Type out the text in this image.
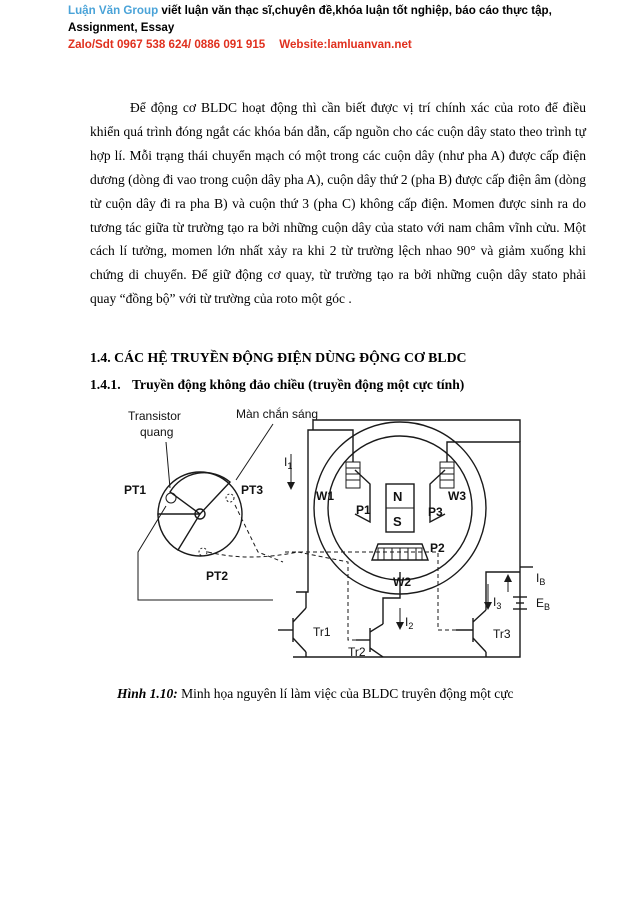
Luận Văn Group viết luận văn thạc sĩ,chuyên đề,khóa luận tốt nghiệp, báo cáo thực tập,
Assignment, Essay
Zalo/Sdt 0967 538 624/ 0886 091 915 Website:lamluanvan.net

Để động cơ BLDC hoạt động thì cần biết được vị trí chính xác của roto để điều khiển quá trình đóng ngắt các khóa bán dẫn, cấp nguồn cho các cuộn dây stato theo trình tự hợp lí. Mỗi trạng thái chuyển mạch có một trong các cuộn dây (như pha A) được cấp điện dương (dòng đi vao trong cuộn dây pha A), cuộn dây thứ 2 (pha B) được cấp điện âm (dòng từ cuộn dây đi ra pha B) và cuộn thứ 3 (pha C) không cấp điện. Momen được sinh ra do tương tác giữa từ trường tạo ra bởi những cuộn dây của stato với nam châm vĩnh cửu. Một cách lí tưởng, momen lớn nhất xảy ra khi 2 từ trường lệch nhao 90° và giảm xuống khi chứng di chuyển. Để giữ động cơ quay, từ trường tạo ra bởi những cuộn dây stato phải quay “đồng bộ” với từ trường của roto một góc .

1.4. CÁC HỆ TRUYỀN ĐỘNG ĐIỆN DÙNG ĐỘNG CƠ BLDC

1.4.1. Truyền động không đảo chiều (truyền động một cực tính)

Transistor
quang
Màn chắn sáng
PT1	PT3
PT2
N
S
W1	W3
W2
P1	P3
P2
$I_1$
$I_B$
$E_B$
$I_3$
$I_2$
Tr1
Tr2
Tr3

Hình 1.10: Minh họa nguyên lí làm việc của BLDC truyên động một cực
